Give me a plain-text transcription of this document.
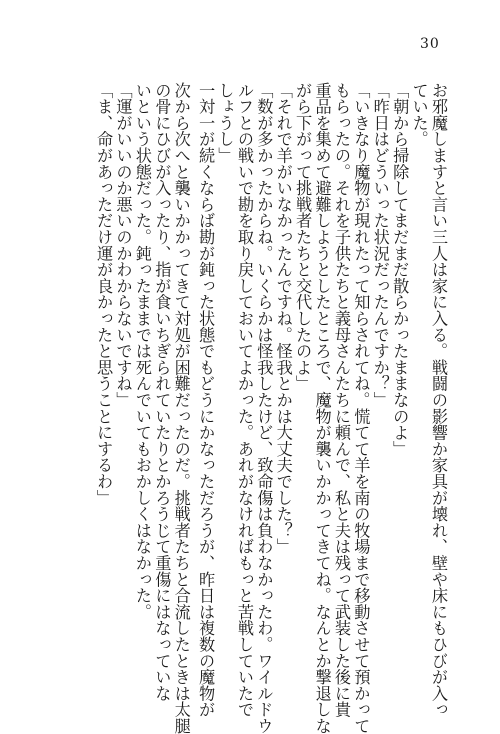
30
お邪魔しますと言い三人は家に入る。戦闘の影響か家具が壊れ、壁や床にもひびが入っ
ていた。
「朝から掃除してまだまだ散らかったままなのよ」
「昨日はどういった状況だったんですか？」
「いきなり魔物が現れたって知らされてね。慌てて羊を南の牧場まで移動させて預かって
もらったの。それを子供たちと義母さんたちに頼んで、私と夫は残って武装した後に貴
重品を集めて避難しようとしたところで、魔物が襲いかかってきてね。なんとか撃退しな
がら下がって挑戦者たちと交代したのよ」
「それで羊がいなかったんですね。怪我とかは大丈夫でした？」
「数が多かったからね。いくらかは怪我したけど、致命傷は負わなかったわ。ワイルドウ
ルフとの戦いで勘を取り戻しておいてよかった。あれがなければもっと苦戦していたで
しょうし」
一対一が続くならば勘が鈍った状態でもどうにかなっただろうが、昨日は複数の魔物が
次から次へと襲いかかってきて対処が困難だったのだ。挑戦者たちと合流したときは太腿
の骨にひびが入ったり、指が食いちぎられていたりとかろうじて重傷にはなっていな
いという状態だった。鈍ったままでは死んでいてもおかしくはなかった。
「運がいいのか悪いのかわからないですね」
「ま、命があっただけ運が良かったと思うことにするわ」
